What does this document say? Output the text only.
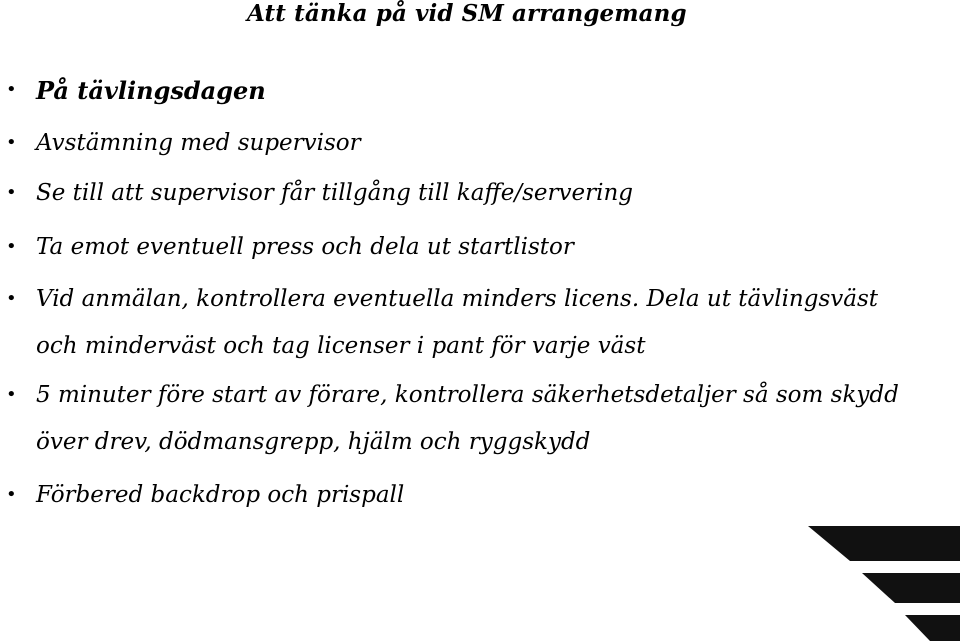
Att tänka på vid SM arrangemang
• På tävlingsdagen
• Avstämning med supervisor
• Se till att supervisor får tillgång till kaffe/servering
• Ta emot eventuell press och dela ut startlistor
• Vid anmälan, kontrollera eventuella minders licens. Dela ut tävlingsväst
och minderväst och tag licenser i pant för varje väst
• 5 minuter före start av förare, kontrollera säkerhetsdetaljer så som skydd
över drev, dödmansgrepp, hjälm och ryggskydd
• Förbered backdrop och prispall
